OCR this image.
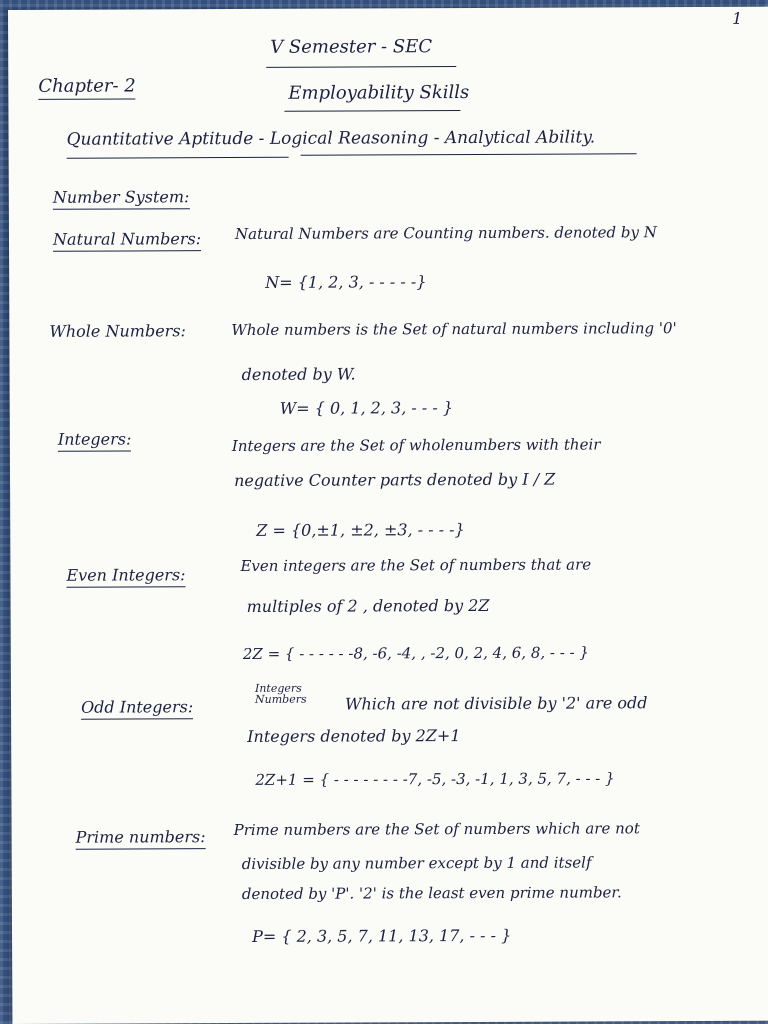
1
V Semester - SEC
Chapter- 2	Employability Skills
Quantitative Aptitude - Logical Reasoning - Analytical Ability.
Number System:
Natural Numbers: Natural Numbers are Counting numbers. denoted by N
N= {1, 2, 3, - - - - -}
Whole Numbers:	Whole numbers is the Set of natural numbers including '0'
denoted by W.
W= { 0, 1, 2, 3, - - - }
Integers:	Integers are the Set of wholenumbers with their
negative Counter parts denoted by I / Z
Z = {0,±1, ±2, ±3, - - - -}
Even Integers:	Even integers are the Set of numbers that are
multiples of 2 , denoted by 2Z
2Z = { - - - - - -8, -6, -4, , -2, 0, 2, 4, 6, 8, - - - }
Odd Integers:
Integers
Numbers Which are not divisible by '2' are odd
Integers denoted by 2Z+1
2Z+1 = { - - - - - - - -7, -5, -3, -1, 1, 3, 5, 7, - - - }
Prime numbers: Prime numbers are the Set of numbers which are not
divisible by any number except by 1 and itself
denoted by 'P'. '2' is the least even prime number.
P= { 2, 3, 5, 7, 11, 13, 17, - - - }
